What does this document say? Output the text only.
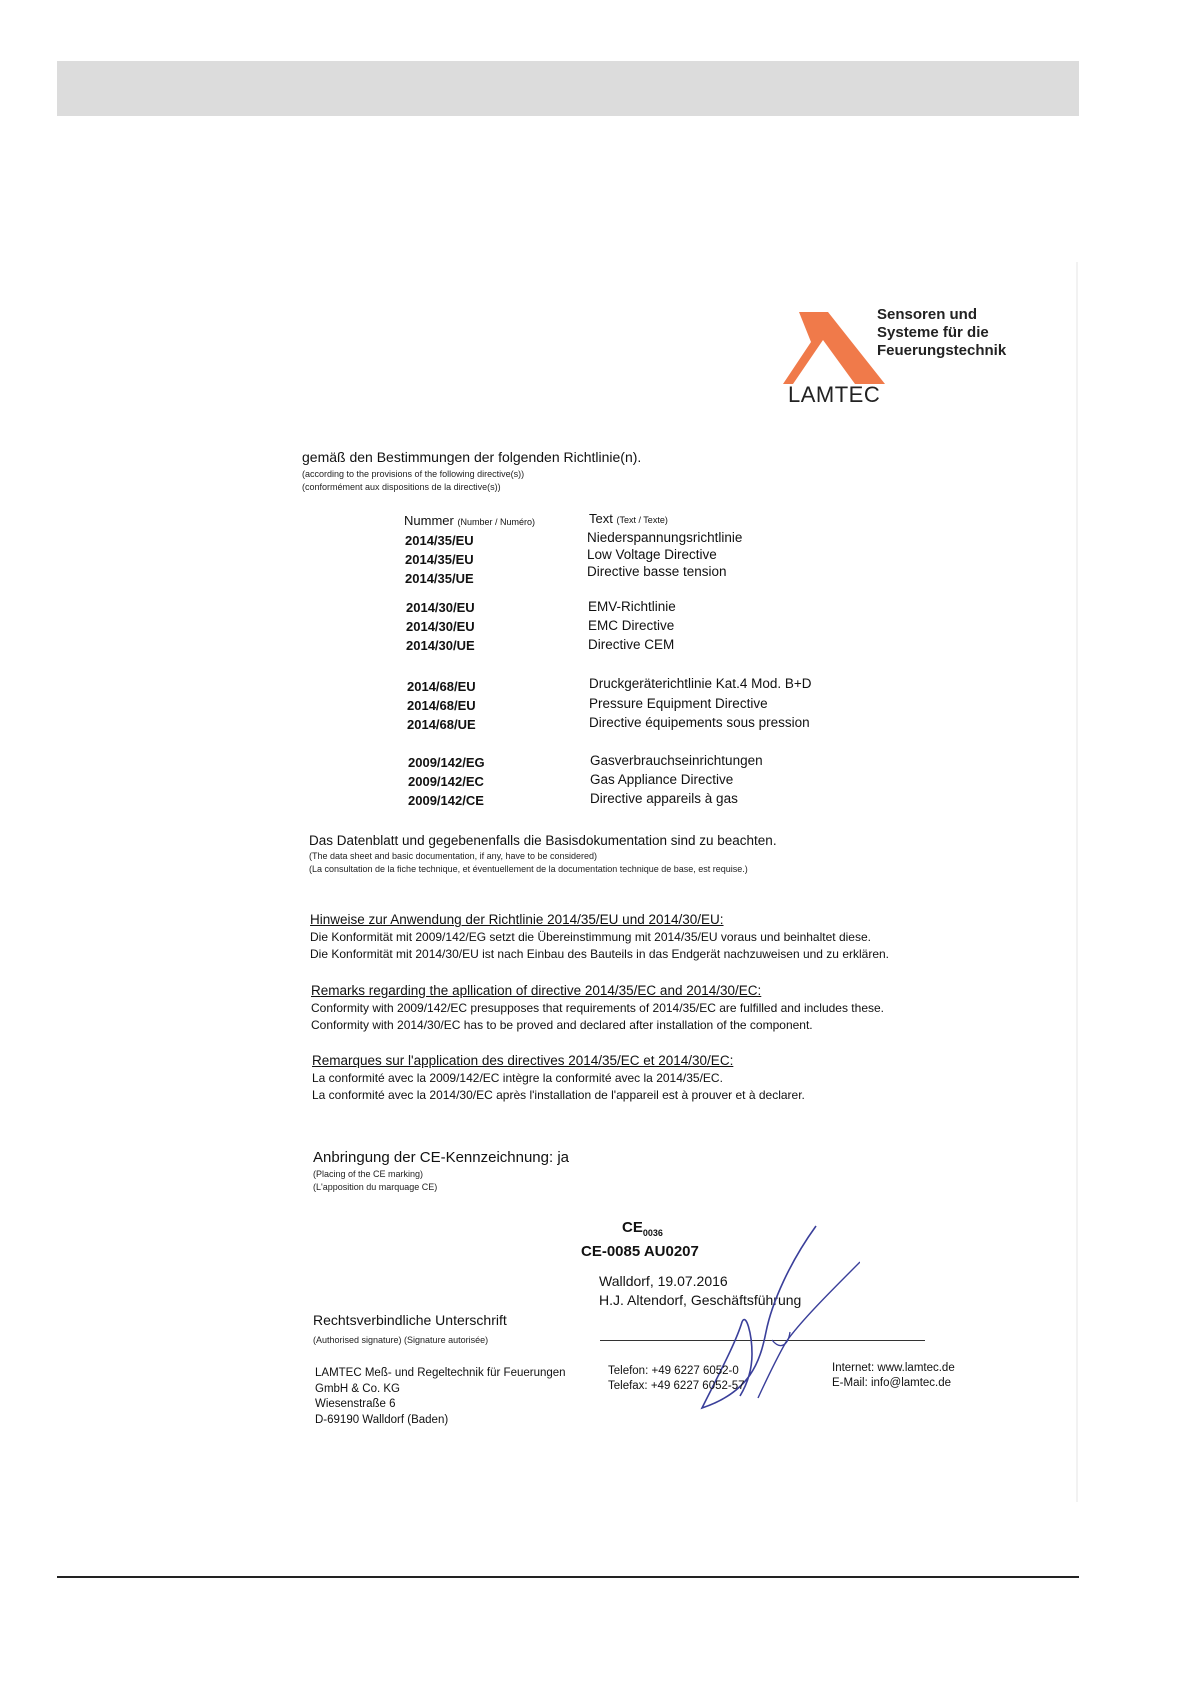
LAMTEC
Sensoren und
Systeme für die
Feuerungstechnik
gemäß den Bestimmungen der folgenden Richtlinie(n).
(according to the provisions of the following directive(s))
(conformément aux dispositions de la directive(s))
Nummer (Number / Numéro)	Text (Text / Texte)
2014/35/EU
2014/35/EU
2014/35/UE
Niederspannungsrichtlinie
Low Voltage Directive
Directive basse tension
2014/30/EU
2014/30/EU
2014/30/UE
EMV-Richtlinie
EMC Directive
Directive CEM
2014/68/EU
2014/68/EU
2014/68/UE
Druckgeräterichtlinie Kat.4 Mod. B+D
Pressure Equipment Directive
Directive équipements sous pression
2009/142/EG
2009/142/EC
2009/142/CE
Gasverbrauchseinrichtungen
Gas Appliance Directive
Directive appareils à gas
Das Datenblatt und gegebenenfalls die Basisdokumentation sind zu beachten.
(The data sheet and basic documentation, if any, have to be considered)
(La consultation de la fiche technique, et éventuellement de la documentation technique de base, est requise.)
Hinweise zur Anwendung der Richtlinie 2014/35/EU und 2014/30/EU:
Die Konformität mit 2009/142/EG setzt die Übereinstimmung mit 2014/35/EU voraus und beinhaltet diese.
Die Konformität mit 2014/30/EU ist nach Einbau des Bauteils in das Endgerät nachzuweisen und zu erklären.
Remarks regarding the apllication of directive 2014/35/EC and 2014/30/EC:
Conformity with 2009/142/EC presupposes that requirements of 2014/35/EC are fulfilled and includes these.
Conformity with 2014/30/EC has to be proved and declared after installation of the component.
Remarques sur l'application des directives 2014/35/EC et 2014/30/EC:
La conformité avec la 2009/142/EC intègre la conformité avec la 2014/35/EC.
La conformité avec la 2014/30/EC après l'installation de l'appareil est à prouver et à declarer.
Anbringung der CE-Kennzeichnung: ja
(Placing of the CE marking)
(L'apposition du marquage CE)
$CE_{0036}$
CE-0085 AU0207
Walldorf, 19.07.2016
H.J. Altendorf, Geschäftsführung
Rechtsverbindliche Unterschrift
(Authorised signature) (Signature autorisée)
LAMTEC Meß- und Regeltechnik für Feuerungen
GmbH & Co. KG
Wiesenstraße 6
D-69190 Walldorf (Baden)
Telefon: +49 6227 6052-0
Telefax: +49 6227 6052-57
Internet: www.lamtec.de
E-Mail: info@lamtec.de
